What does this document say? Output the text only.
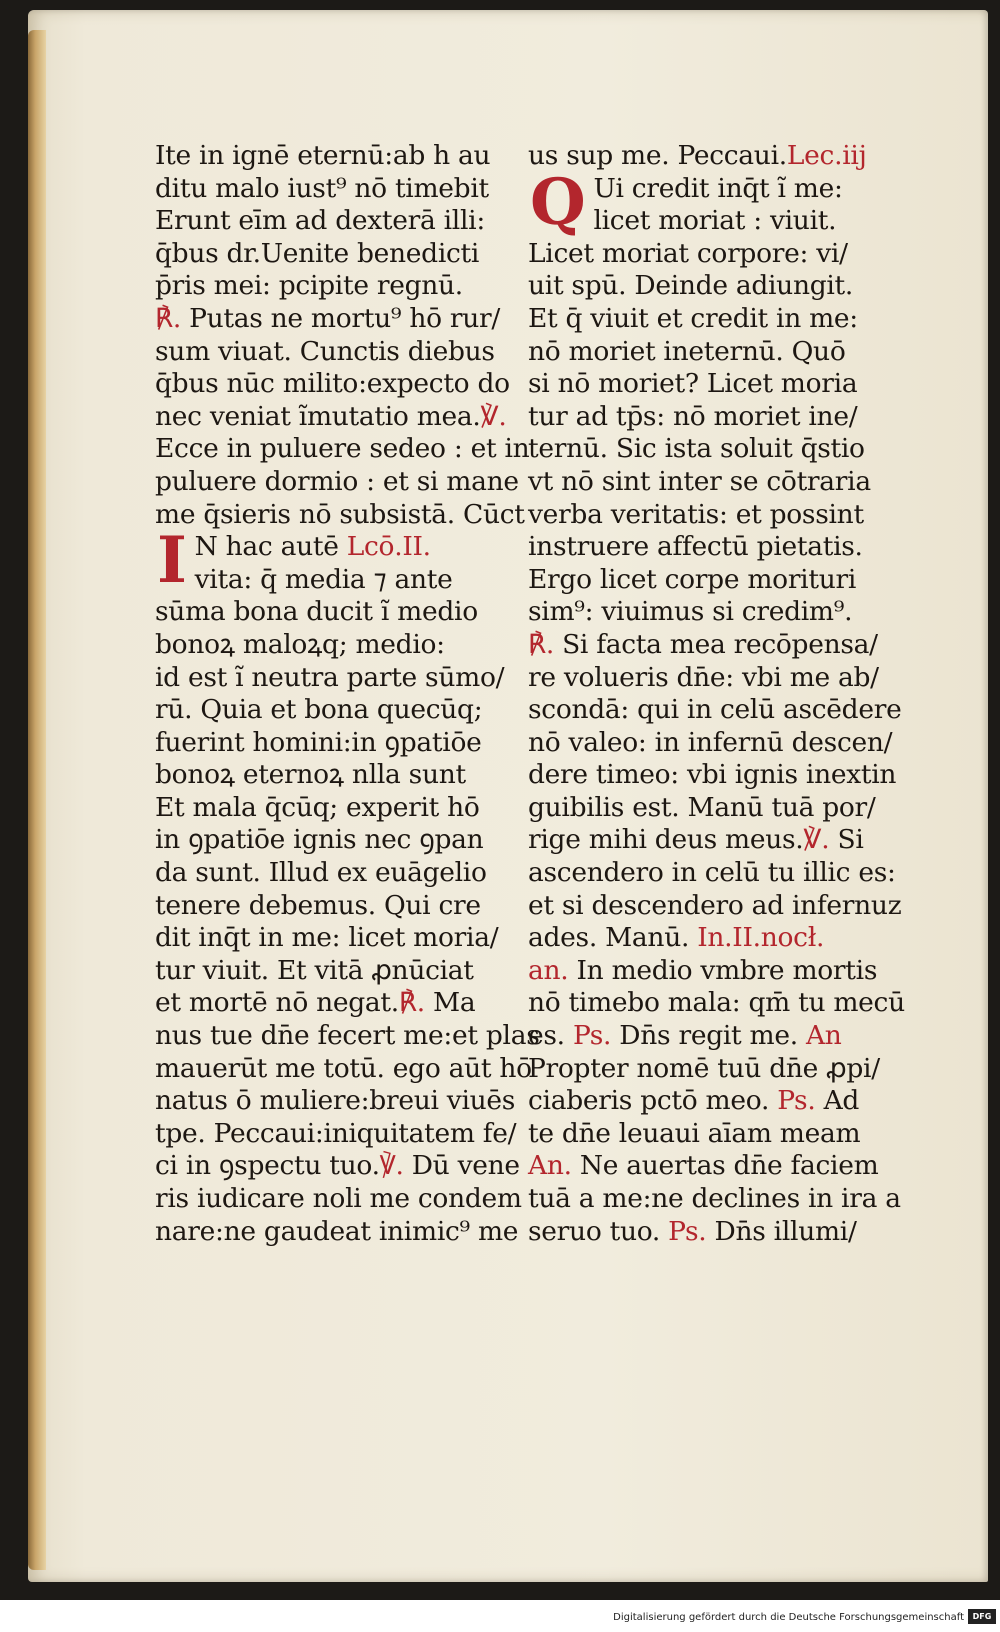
Ite in ignē eternū:ab h au
ditu malo iust⁹ nō timebit
Erunt eīm ad dexterā illi:
q̄bus dr.Uenite benedicti
p̄ris mei: pcipite regnū.
℟. Putas ne mortu⁹ hō rur/
sum viuat. Cunctis diebus
q̄bus nūc milito:expecto do
nec veniat ĩmutatio mea.℣.
Ecce in puluere sedeo : et in
puluere dormio : et si mane
me q̄sieris nō subsistā. Cūct
I N hac autē Lcō.II.
vita: q̄ media ⁊ ante
sūma bona ducit ĩ medio
bonoꝝ maloꝝq; medio:
id est ĩ neutra parte sūmo/
rū. Quia et bona quecūq;
fuerint homini:in ꝯpatiōe
bonoꝝ eternoꝝ nlla sunt
Et mala q̄cūq; experit hō
in ꝯpatiōe ignis nec ꝯpan
da sunt. Illud ex euāgelio
tenere debemus. Qui cre
dit inq̄t in me: licet moria/
tur viuit. Et vitā ꝓnūciat
et mortē nō negat.℟. Ma
nus tue dn̄e fecert me:et plas
mauerūt me totū. ego aūt hō
natus ō muliere:breui viuēs
tpe. Peccaui:iniquitatem fe/
ci in ꝯspectu tuo.℣. Dū vene
ris iudicare noli me condem
nare:ne gaudeat inimic⁹ me
us sup me. Peccaui.Lec.iij
Q Ui credit inq̄t ĩ me:
licet moriat : viuit.
Licet moriat corpore: vi/
uit spū. Deinde adiungit.
Et q̄ viuit et credit in me:
nō moriet ineternū. Quō
si nō moriet? Licet moria
tur ad tp̄s: nō moriet ine/
ternū. Sic ista soluit q̄stio
vt nō sint inter se cōtraria
verba veritatis: et possint
instruere affectū pietatis.
Ergo licet corpe morituri
sim⁹: viuimus si credim⁹.
℟. Si facta mea recōpensa/
re volueris dn̄e: vbi me ab/
scondā: qui in celū ascēdere
nō valeo: in infernū descen/
dere timeo: vbi ignis inextin
guibilis est. Manū tuā por/
rige mihi deus meus.℣. Si
ascendero in celū tu illic es:
et si descendero ad infernuz
ades. Manū. In.II.nocł.
an. In medio vmbre mortis
nō timebo mala: qm̄ tu mecū
es. Ps. Dn̄s regit me. An
Propter nomē tuū dn̄e ꝓpi/
ciaberis pctō meo. Ps. Ad
te dn̄e leuaui aīam meam
An. Ne auertas dn̄e faciem
tuā a me:ne declines in ira a
seruo tuo. Ps. Dn̄s illumi/
Digitalisierung gefördert durch die Deutsche Forschungsgemeinschaft	DFG
